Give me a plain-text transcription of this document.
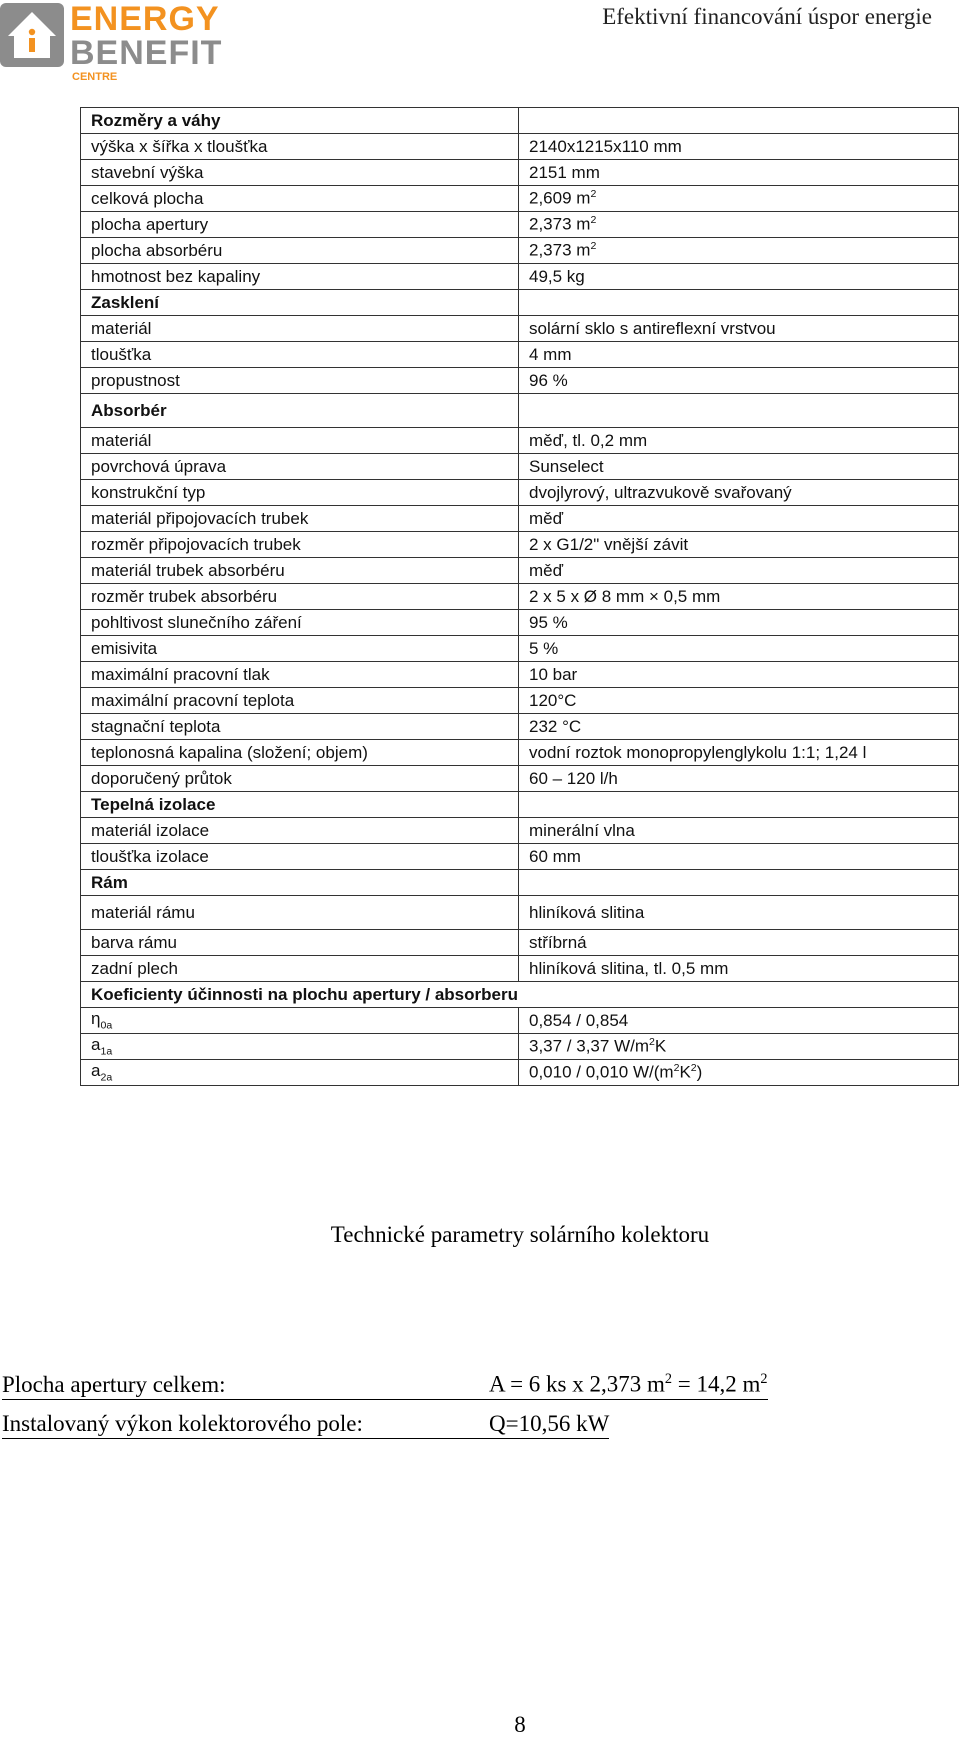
ENERGY
BENEFIT
CENTRE
Efektivní financování úspor energie
Rozměry a váhy	
výška x šířka x tloušťka	2140x1215x110 mm
stavební výška	2151 mm
celková plocha	2,609 $m^2$
plocha apertury	2,373 $m^2$
plocha absorbéru	2,373 $m^2$
hmotnost bez kapaliny	49,5 kg
Zasklení	
materiál	solární sklo s antireflexní vrstvou
tloušťka	4 mm
propustnost	96 %
Absorbér	
materiál	měď, tl. 0,2 mm
povrchová úprava	Sunselect
konstrukční typ	dvojlyrový, ultrazvukově svařovaný
materiál připojovacích trubek	měď
rozměr připojovacích trubek	2 x G1/2" vnější závit
materiál trubek absorbéru	měď
rozměr trubek absorbéru	2 x 5 x Ø 8 mm × 0,5 mm
pohltivost slunečního záření	95 %
emisivita	5 %
maximální pracovní tlak	10 bar
maximální pracovní teplota	120°C
stagnační teplota	232 °C
teplonosná kapalina (složení; objem)	vodní roztok monopropylenglykolu 1:1; 1,24 l
doporučený průtok	60 – 120 l/h
Tepelná izolace	
materiál izolace	minerální vlna
tloušťka izolace	60 mm
Rám	
materiál rámu	hliníková slitina
barva rámu	stříbrná
zadní plech	hliníková slitina, tl. 0,5 mm
Koeficienty účinnosti na plochu apertury / absorberu	
$\eta_{0a}$	0,854 / 0,854
$a_{1a}$	3,37 / 3,37 $W/m^2K$
$a_{2a}$	0,010 / 0,010 $W/(m^2K^2)$
Technické parametry solárního kolektoru
Plocha apertury celkem:	A = 6 ks x 2,373 $m^2 = 14,2$ $m^2$
Instalovaný výkon kolektorového pole:	Q=10,56 kW
8
